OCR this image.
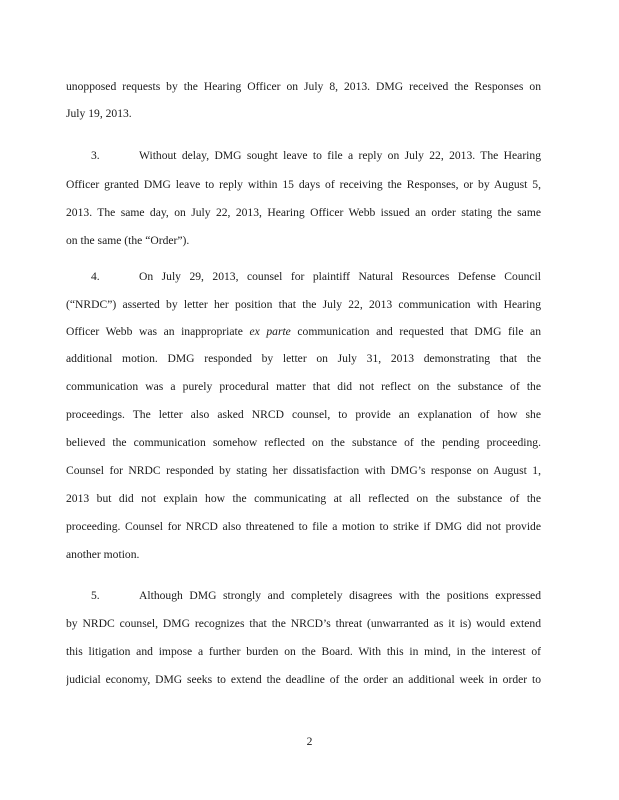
unopposed requests by the Hearing Officer on July 8, 2013. DMG received the Responses on
July 19, 2013.
3.	Without delay, DMG sought leave to file a reply on July 22, 2013. The Hearing
Officer granted DMG leave to reply within 15 days of receiving the Responses, or by August 5,
2013. The same day, on July 22, 2013, Hearing Officer Webb issued an order stating the same
on the same (the “Order”).
4.	On July 29, 2013, counsel for plaintiff Natural Resources Defense Council
(“NRDC”) asserted by letter her position that the July 22, 2013 communication with Hearing
Officer Webb was an inappropriate ex parte communication and requested that DMG file an
additional motion. DMG responded by letter on July 31, 2013 demonstrating that the
communication was a purely procedural matter that did not reflect on the substance of the
proceedings. The letter also asked NRCD counsel, to provide an explanation of how she
believed the communication somehow reflected on the substance of the pending proceeding.
Counsel for NRDC responded by stating her dissatisfaction with DMG’s response on August 1,
2013 but did not explain how the communicating at all reflected on the substance of the
proceeding. Counsel for NRCD also threatened to file a motion to strike if DMG did not provide
another motion.
5.	Although DMG strongly and completely disagrees with the positions expressed
by NRDC counsel, DMG recognizes that the NRCD’s threat (unwarranted as it is) would extend
this litigation and impose a further burden on the Board. With this in mind, in the interest of
judicial economy, DMG seeks to extend the deadline of the order an additional week in order to
2
